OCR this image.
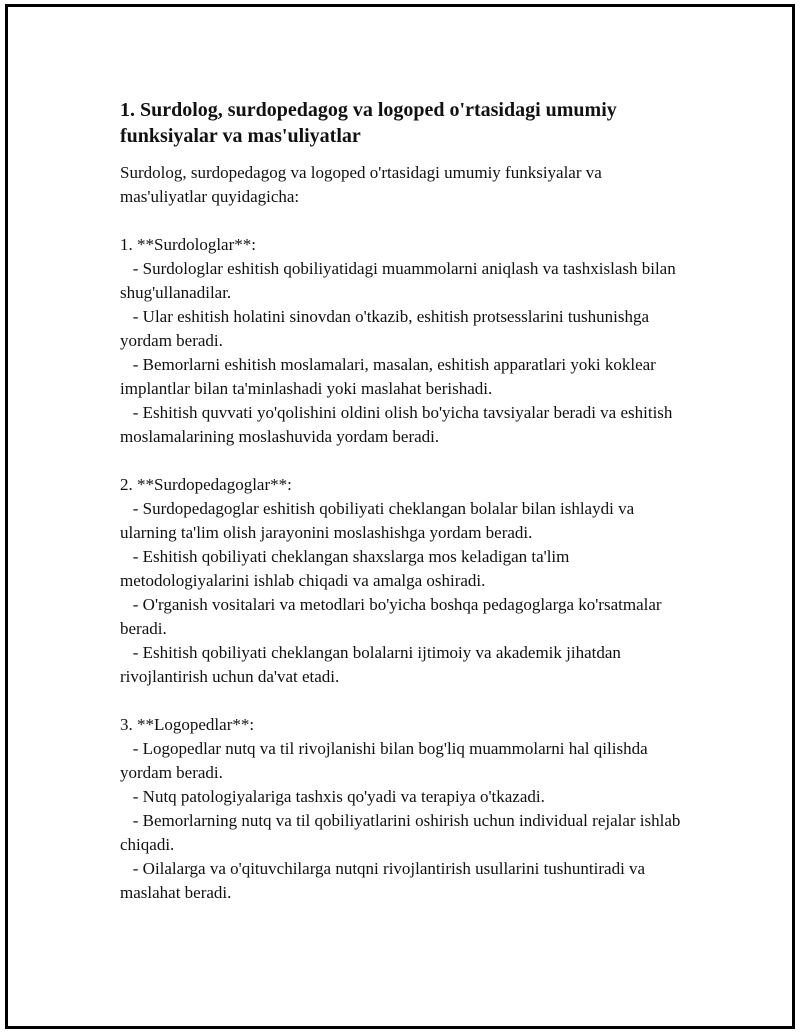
1. Surdolog, surdopedagog va logoped o'rtasidagi umumiy funksiyalar va mas'uliyatlar
Surdolog, surdopedagog va logoped o'rtasidagi umumiy funksiyalar va mas'uliyatlar quyidagicha:

1. **Surdologlar**:
- Surdologlar eshitish qobiliyatidagi muammolarni aniqlash va tashxislash bilan shug'ullanadilar.
- Ular eshitish holatini sinovdan o'tkazib, eshitish protsesslarini tushunishga yordam beradi.
- Bemorlarni eshitish moslamalari, masalan, eshitish apparatlari yoki koklear implantlar bilan ta'minlashadi yoki maslahat berishadi.
- Eshitish quvvati yo'qolishini oldini olish bo'yicha tavsiyalar beradi va eshitish moslamalarining moslashuvida yordam beradi.

2. **Surdopedagoglar**:
- Surdopedagoglar eshitish qobiliyati cheklangan bolalar bilan ishlaydi va ularning ta'lim olish jarayonini moslashishga yordam beradi.
- Eshitish qobiliyati cheklangan shaxslarga mos keladigan ta'lim metodologiyalarini ishlab chiqadi va amalga oshiradi.
- O'rganish vositalari va metodlari bo'yicha boshqa pedagoglarga ko'rsatmalar beradi.
- Eshitish qobiliyati cheklangan bolalarni ijtimoiy va akademik jihatdan rivojlantirish uchun da'vat etadi.

3. **Logopedlar**:
- Logopedlar nutq va til rivojlanishi bilan bog'liq muammolarni hal qilishda yordam beradi.
- Nutq patologiyalariga tashxis qo'yadi va terapiya o'tkazadi.
- Bemorlarning nutq va til qobiliyatlarini oshirish uchun individual rejalar ishlab chiqadi.
- Oilalarga va o'qituvchilarga nutqni rivojlantirish usullarini tushuntiradi va maslahat beradi.
